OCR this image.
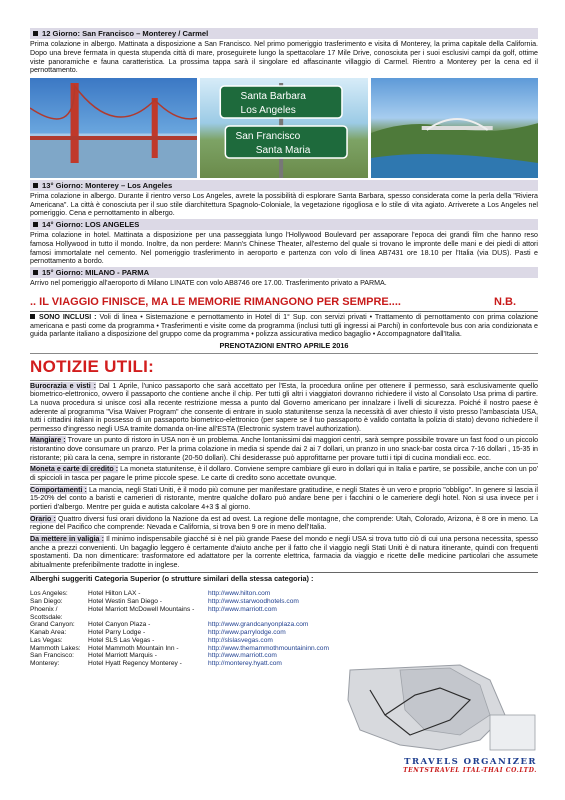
12 Giorno: San Francisco – Monterey / Carmel
Prima colazione in albergo. Mattinata a disposizione a San Francisco. Nel primo pomeriggio trasferimento e visita di Monterey, la prima capitale della California. Dopo una breve fermata in questa stupenda città di mare, proseguirete lungo la spettacolare 17 Mile Drive, conosciuta per i suoi esclusivi campi da golf, ottime viste panoramiche e fauna caratteristica. La prossima tappa sarà il singolare ed affascinante villaggio di Carmel. Rientro a Monterey per la cena ed il pernottamento.
Santa Barbara
Los Angeles
San Francisco
Santa Maria
13° Giorno: Monterey – Los Angeles
Prima colazione in albergo. Durante il rientro verso Los Angeles, avrete la possibilità di esplorare Santa Barbara, spesso considerata come la perla della "Riviera Americana". La città è conosciuta per il suo stile diarchitettura Spagnolo-Coloniale, la vegetazione rigogliosa e lo stile di vita agiato. Arriverete a Los Angeles nel pomeriggio. Cena e pernottamento in albergo.
14° Giorno: LOS ANGELES
Prima colazione in hotel. Mattinata a disposizione per una passeggiata lungo l'Hollywood Boulevard per assaporare l'epoca dei grandi film che hanno reso famosa Hollywood in tutto il mondo. Inoltre, da non perdere: Mann's Chinese Theater, all'esterno del quale si trovano le impronte delle mani e dei piedi di attori famosi immortalate nel cemento. Nel pomeriggio trasferimento in aeroporto e partenza con volo di linea AB7431 ore 18.10 per l'Italia (via DUS). Pasti e pernottamento a bordo.
15° Giorno: MILANO - PARMA
Arrivo nel pomeriggio all'aeroporto di Milano LINATE con volo AB8746 ore 17.00. Trasferimento privato a PARMA.
.. IL VIAGGIO FINISCE, MA LE MEMORIE RIMANGONO PER SEMPRE....	N.B.
SONO INCLUSI : Voli di linea • Sistemazione e pernottamento in Hotel di 1° Sup. con servizi privati • Trattamento di pernottamento con prima colazione americana e pasti come da programma • Trasferimenti e visite come da programma (inclusi tutti gli ingressi ai Parchi) in confortevole bus con aria condizionata e guida parlante italiano a disposizione del gruppo come da programma • polizza assicurativa medico bagaglio • Accompagnatore dall'Italia.
PRENOTAZIONI ENTRO APRILE 2016
NOTIZIE UTILI:
Burocrazia e visti : Dal 1 Aprile, l'unico passaporto che sarà accettato per l'Esta, la procedura online per ottenere il permesso, sarà esclusivamente quello biometrico-elettronico, ovvero il passaporto che contiene anche il chip. Per tutti gli altri i viaggiatori dovranno richiedere il visto al Consolato Usa prima di partire. La nuova procedura si unisce così alla recente restrizione messa a punto dal Governo americano per innalzare i livelli di sicurezza. Poiché il nostro paese è aderente al programma "Visa Waiver Program" che consente di entrare in suolo statunitense senza la necessità di aver chiesto il visto presso l'ambasciata USA, tutti i cittadini italiani in possesso di un passaporto biometrico-elettronico (per sapere se il tuo passaporto è valido contatta la polizia di stato) devono richiedere il permesso d'ingresso negli USA tramite domanda on-line all'ESTA (Electronic system travel authorization).
Mangiare : Trovare un punto di ristoro in USA non è un problema. Anche lontanissimi dai maggiori centri, sarà sempre possibile trovare un fast food o un piccolo ristorantino dove consumare un pranzo. Per la prima colazione in media si spende dai 2 ai 7 dollari, un pranzo in uno snack-bar costa circa 7-16 dollari , 15-35 in ristorante; più cara la cena, sempre in ristorante (20-50 dollari). Chi desiderasse può approfittarne per provare tutti i tipi di cucina mondiali ecc. ecc.
Moneta e carte di credito : La moneta statunitense, è il dollaro. Conviene sempre cambiare gli euro in dollari qui in Italia e partire, se possibile, anche con un po' di spiccioli in tasca per pagare le prime piccole spese. Le carte di credito sono accettate ovunque.
Comportamenti : La mancia, negli Stati Uniti, è il modo più comune per manifestare gratitudine, e negli States è un vero e proprio "obbligo". In genere si lascia il 15-20% del conto a baristi e camerieri di ristorante, mentre qualche dollaro può andare bene per i facchini o le cameriere degli hotel. Non si usa invece per i portieri d'albergo. Mentre per guida e autista calcolare 4+3 $ al giorno.
Orario : Quattro diversi fusi orari dividono la Nazione da est ad ovest. La regione delle montagne, che comprende: Utah, Colorado, Arizona, è 8 ore in meno. La regione del Pacifico che comprende: Nevada e California, si trova ben 9 ore in meno dell'Italia.
Da mettere in valigia : Il minimo indispensabile giacché si è nel più grande Paese del mondo e negli USA si trova tutto ciò di cui una persona necessita, spesso anche a prezzi convenienti. Un bagaglio leggero è certamente d'aiuto anche per il fatto che il viaggio negli Stati Uniti è di natura itinerante, quindi con frequenti spostamenti. Da non dimenticare: trasformatore ed adattatore per la corrente elettrica, farmacia da viaggio e ricette delle medicine particolari che assumete abitualmente preferibilmente tradotte in inglese.
Alberghi suggeriti Categoria Superior (o strutture similari della stessa categoria) :
Los Angeles:	Hotel Hilton LAX -	http://www.hilton.com
San Diego:	Hotel Westin San Diego -	http://www.starwoodhotels.com
Phoenix / Scottsdale:
Hotel Marriott McDowell Mountains -	http://www.marriott.com
Grand Canyon:	Hotel Canyon Plaza -	http://www.grandcanyonplaza.com
Kanab Area:	Hotel Parry Lodge -	http://www.parrylodge.com
Las Vegas:	Hotel SLS Las Vegas -	http://slslasvegas.com
Mammoth Lakes:	Hotel Mammoth Mountain Inn -	http://www.themammothmountaininn.com
San Francisco:	Hotel Marriott Marquis -	http://www.marriott.com
Monterey:	Hotel Hyatt Regency Monterey -	http://monterey.hyatt.com
TRAVELS ORGANIZER
TENTSTRAVEL ITAL-THAI CO.LTD.
